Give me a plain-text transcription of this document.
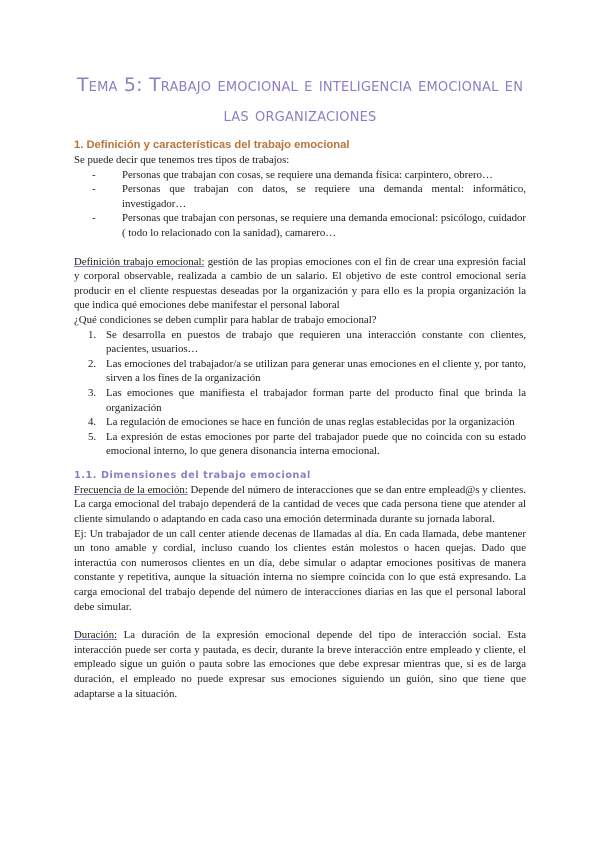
Tema 5: Trabajo emocional e inteligencia emocional en las organizaciones
1. Definición y características del trabajo emocional

Se puede decir que tenemos tres tipos de trabajos:

- Personas que trabajan con cosas, se requiere una demanda física: carpintero, obrero…
- Personas que trabajan con datos, se requiere una demanda mental: informático, investigador…
- Personas que trabajan con personas, se requiere una demanda emocional: psicólogo, cuidador ( todo lo relacionado con la sanidad), camarero…

Definición trabajo emocional: gestión de las propias emociones con el fin de crear una expresión facial y corporal observable, realizada a cambio de un salario. El objetivo de este control emocional sería producir en el cliente respuestas deseadas por la organización y para ello es la propia organización la que indica qué emociones debe manifestar el personal laboral

¿Qué condiciones se deben cumplir para hablar de trabajo emocional?

1. Se desarrolla en puestos de trabajo que requieren una interacción constante con clientes, pacientes, usuarios…
2. Las emociones del trabajador/a se utilizan para generar unas emociones en el cliente y, por tanto, sirven a los fines de la organización
3. Las emociones que manifiesta el trabajador forman parte del producto final que brinda la organización
4. La regulación de emociones se hace en función de unas reglas establecidas por la organización
5. La expresión de estas emociones por parte del trabajador puede que no coincida con su estado emocional interno, lo que genera disonancia interna emocional.
1.1. Dimensiones del trabajo emocional

Frecuencia de la emoción: Depende del número de interacciones que se dan entre emplead@s y clientes. La carga emocional del trabajo dependerá de la cantidad de veces que cada persona tiene que atender al cliente simulando o adaptando en cada caso una emoción determinada durante su jornada laboral.

Ej: Un trabajador de un call center atiende decenas de llamadas al día. En cada llamada, debe mantener un tono amable y cordial, incluso cuando los clientes están molestos o hacen quejas. Dado que interactúa con numerosos clientes en un día, debe simular o adaptar emociones positivas de manera constante y repetitiva, aunque la situación interna no siempre coincida con lo que está expresando. La carga emocional del trabajo depende del número de interacciones diarias en las que el personal laboral debe simular.

Duración: La duración de la expresión emocional depende del tipo de interacción social. Esta interacción puede ser corta y pautada, es decir, durante la breve interacción entre empleado y cliente, el empleado sigue un guión o pauta sobre las emociones que debe expresar mientras que, si es de larga duración, el empleado no puede expresar sus emociones siguiendo un guión, sino que tiene que adaptarse a la situación.
